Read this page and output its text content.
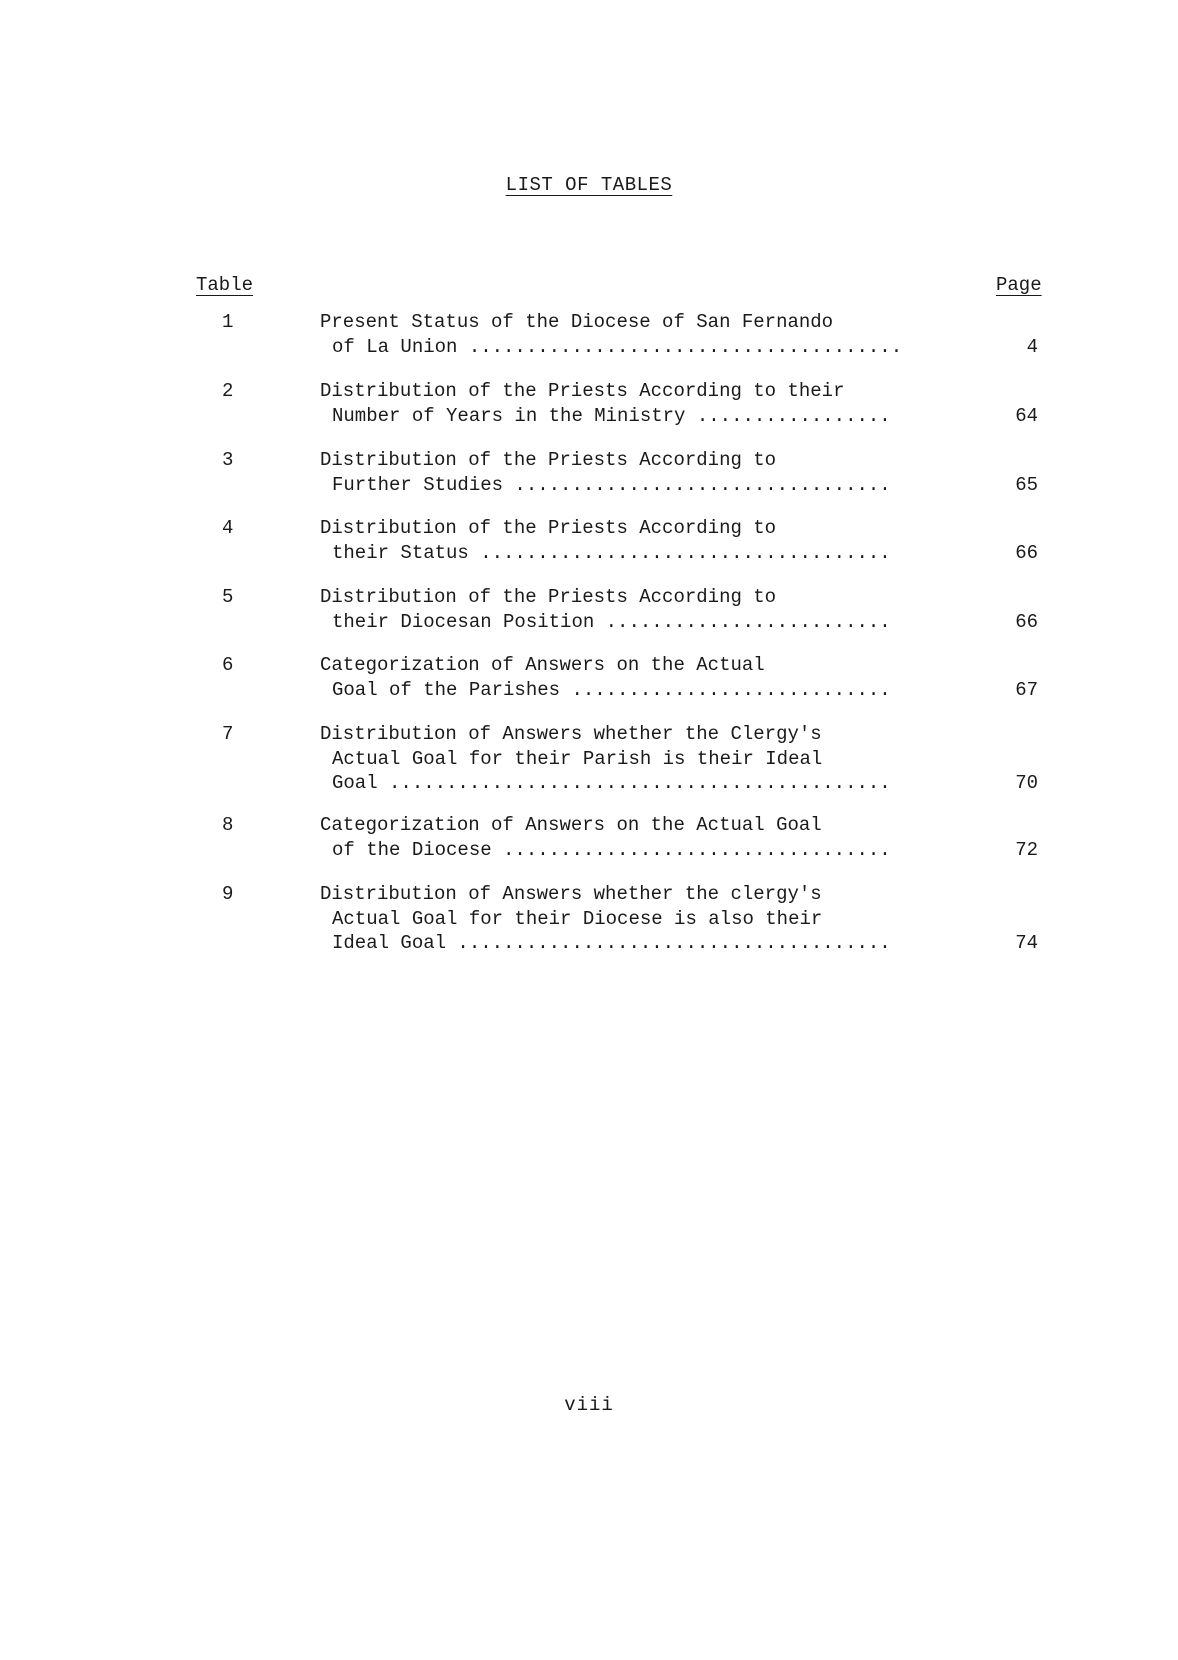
LIST OF TABLES
Table	Page
1	Present Status of the Diocese of San Fernando
of La Union ......................................	4
2	Distribution of the Priests According to their
Number of Years in the Ministry .................	64
3	Distribution of the Priests According to
Further Studies .................................	65
4	Distribution of the Priests According to
their Status ....................................	66
5	Distribution of the Priests According to
their Diocesan Position .........................	66
6	Categorization of Answers on the Actual
Goal of the Parishes ............................	67
7	Distribution of Answers whether the Clergy's
Actual Goal for their Parish is their Ideal
Goal ............................................	70
8	Categorization of Answers on the Actual Goal
of the Diocese ..................................	72
9	Distribution of Answers whether the clergy's
Actual Goal for their Diocese is also their
Ideal Goal ......................................	74
viii
